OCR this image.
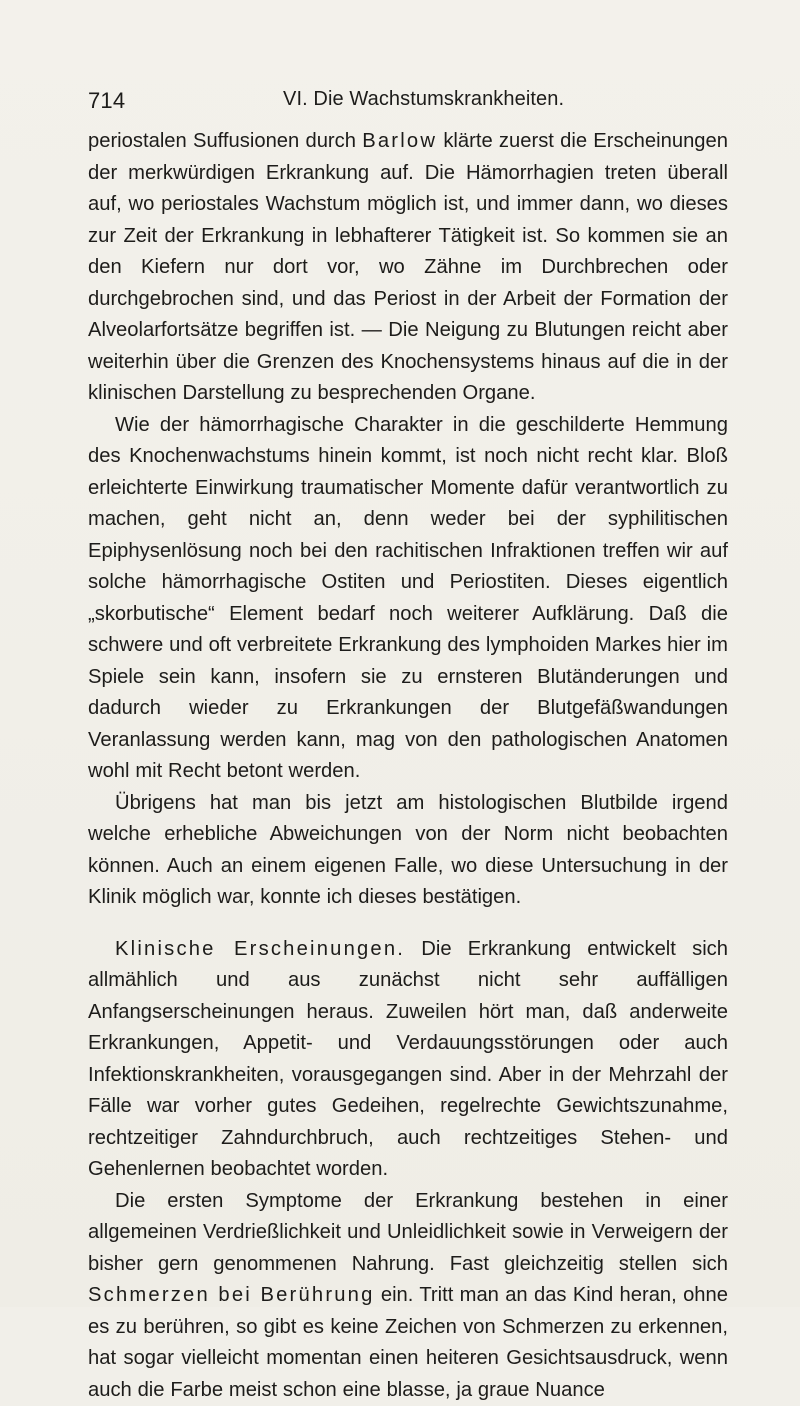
714	VI. Die Wachstumskrankheiten.

periostalen Suffusionen durch Barlow klärte zuerst die Erscheinungen der merkwürdigen Erkrankung auf. Die Hämorrhagien treten überall auf, wo periostales Wachstum möglich ist, und immer dann, wo dieses zur Zeit der Erkrankung in lebhafterer Tätigkeit ist. So kommen sie an den Kiefern nur dort vor, wo Zähne im Durchbrechen oder durchgebrochen sind, und das Periost in der Arbeit der Formation der Alveolarfortsätze begriffen ist. — Die Neigung zu Blutungen reicht aber weiterhin über die Grenzen des Knochensystems hinaus auf die in der klinischen Darstellung zu besprechenden Organe.

Wie der hämorrhagische Charakter in die geschilderte Hemmung des Knochenwachstums hinein kommt, ist noch nicht recht klar. Bloß erleichterte Einwirkung traumatischer Momente dafür verantwortlich zu machen, geht nicht an, denn weder bei der syphilitischen Epiphysenlösung noch bei den rachitischen Infraktionen treffen wir auf solche hämorrhagische Ostiten und Periostiten. Dieses eigentlich „skorbutische“ Element bedarf noch weiterer Aufklärung. Daß die schwere und oft verbreitete Erkrankung des lymphoiden Markes hier im Spiele sein kann, insofern sie zu ernsteren Blutänderungen und dadurch wieder zu Erkrankungen der Blutgefäßwandungen Veranlassung werden kann, mag von den pathologischen Anatomen wohl mit Recht betont werden.

Übrigens hat man bis jetzt am histologischen Blutbilde irgend welche erhebliche Abweichungen von der Norm nicht beobachten können. Auch an einem eigenen Falle, wo diese Untersuchung in der Klinik möglich war, konnte ich dieses bestätigen.

Klinische Erscheinungen. Die Erkrankung entwickelt sich allmählich und aus zunächst nicht sehr auffälligen Anfangserscheinungen heraus. Zuweilen hört man, daß anderweite Erkrankungen, Appetit- und Verdauungsstörungen oder auch Infektionskrankheiten, vorausgegangen sind. Aber in der Mehrzahl der Fälle war vorher gutes Gedeihen, regelrechte Gewichtszunahme, rechtzeitiger Zahndurchbruch, auch rechtzeitiges Stehen- und Gehenlernen beobachtet worden.

Die ersten Symptome der Erkrankung bestehen in einer allgemeinen Verdrießlichkeit und Unleidlichkeit sowie in Verweigern der bisher gern genommenen Nahrung. Fast gleichzeitig stellen sich Schmerzen bei Berührung ein. Tritt man an das Kind heran, ohne es zu berühren, so gibt es keine Zeichen von Schmerzen zu erkennen, hat sogar vielleicht momentan einen heiteren Gesichtsausdruck, wenn auch die Farbe meist schon eine blasse, ja graue Nuance
